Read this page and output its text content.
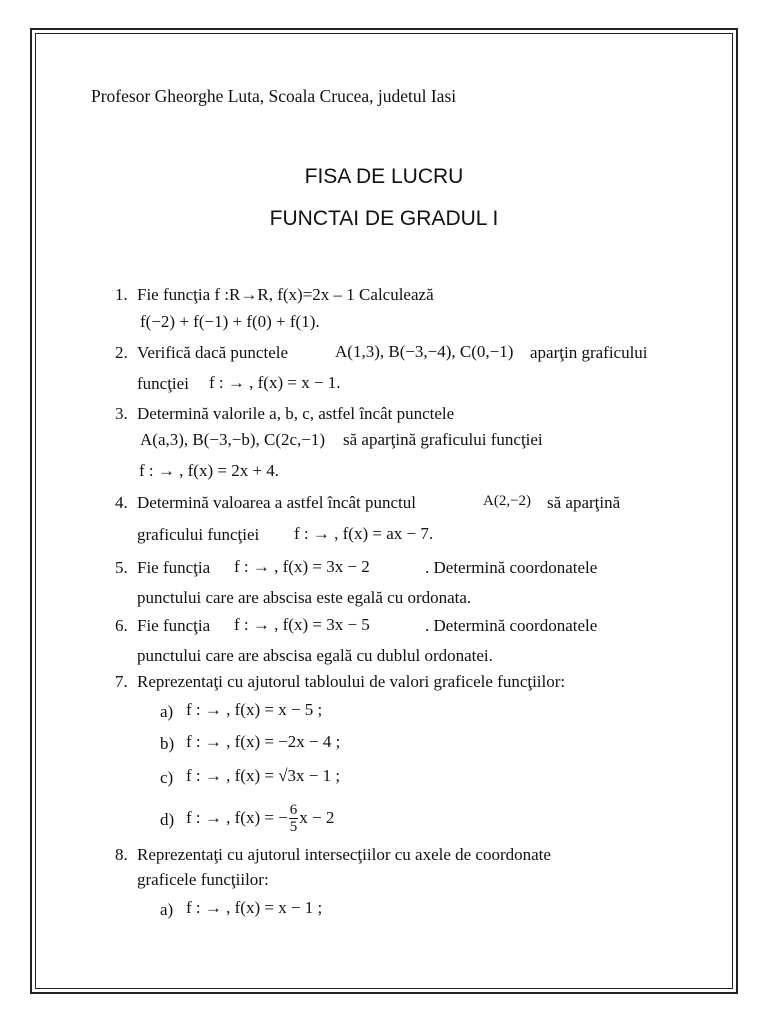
Profesor Gheorghe Luta, Scoala Crucea, judetul Iasi
FISA DE LUCRU
FUNCTAI DE GRADUL I
1. Fie funcţia f :R→R, f(x)=2x – 1 Calculează
f(−2) + f(−1) + f(0) + f(1).
2. Verifică dacă punctele	A(1,3), B(−3,−4), C(0,−1) aparţin graficului
funcţiei f : → , f(x) = x − 1.
3. Determină valorile a, b, c, astfel încât punctele
A(a,3), B(−3,−b), C(2c,−1) să aparţină graficului funcţiei
f : → , f(x) = 2x + 4.
4. Determină valoarea a astfel încât punctul	A(2,−2) să aparţină
graficului funcţiei f : → , f(x) = ax − 7.
5. Fie funcţia f : → , f(x) = 3x − 2	. Determină coordonatele
punctului care are abscisa este egală cu ordonata.
6. Fie funcţia f : → , f(x) = 3x − 5	. Determină coordonatele
punctului care are abscisa egală cu dublul ordonatei.
7. Reprezentaţi cu ajutorul tabloului de valori graficele funcţiilor:
a) f : → , f(x) = x − 5 ;
b) f : → , f(x) = −2x − 4 ;
c) f : → , f(x) = √3x − 1 ;
d) f : → , f(x) = − $\frac{6}{5}$ x − 2
8. Reprezentaţi cu ajutorul intersecţiilor cu axele de coordonate
graficele funcţiilor:
a) f : → , f(x) = x − 1 ;
